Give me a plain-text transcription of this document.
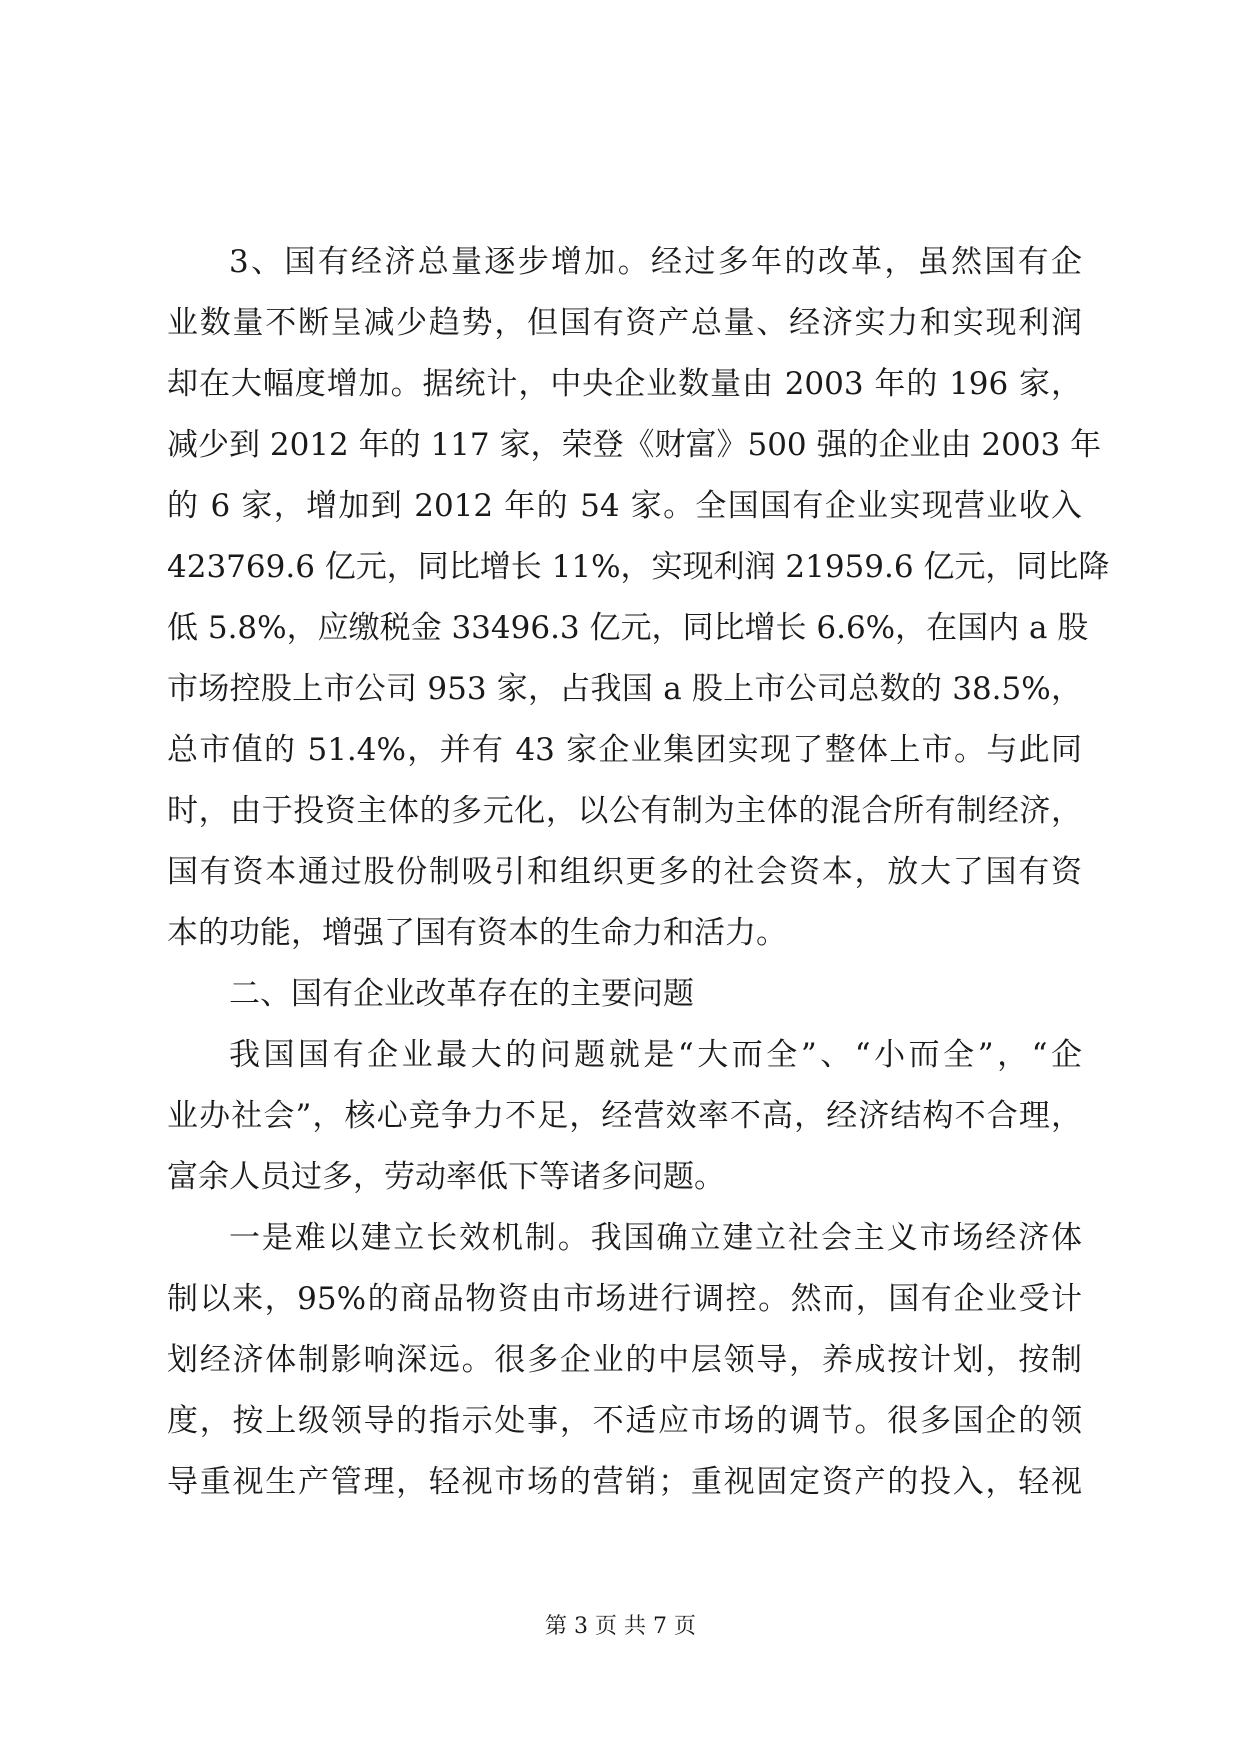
3、国有经济总量逐步增加。经过多年的改革，虽然国有企
业数量不断呈减少趋势，但国有资产总量、经济实力和实现利润
却在大幅度增加。据统计，中央企业数量由 2003 年的 196 家，
减少到 2012 年的 117 家，荣登《财富》500 强的企业由 2003 年
的 6 家，增加到 2012 年的 54 家。全国国有企业实现营业收入
423769.6 亿元，同比增长 11%，实现利润 21959.6 亿元，同比降
低 5.8%，应缴税金 33496.3 亿元，同比增长 6.6%，在国内 a 股
市场控股上市公司 953 家，占我国 a 股上市公司总数的 38.5%，
总市值的 51.4%，并有 43 家企业集团实现了整体上市。与此同
时，由于投资主体的多元化，以公有制为主体的混合所有制经济，
国有资本通过股份制吸引和组织更多的社会资本，放大了国有资
本的功能，增强了国有资本的生命力和活力。
二、国有企业改革存在的主要问题
我国国有企业最大的问题就是“大而全”、“小而全”，“企
业办社会”，核心竞争力不足，经营效率不高，经济结构不合理，
富余人员过多，劳动率低下等诸多问题。
一是难以建立长效机制。我国确立建立社会主义市场经济体
制以来，95%的商品物资由市场进行调控。然而，国有企业受计
划经济体制影响深远。很多企业的中层领导，养成按计划，按制
度，按上级领导的指示处事，不适应市场的调节。很多国企的领
导重视生产管理，轻视市场的营销；重视固定资产的投入，轻视
第 3 页 共 7 页
